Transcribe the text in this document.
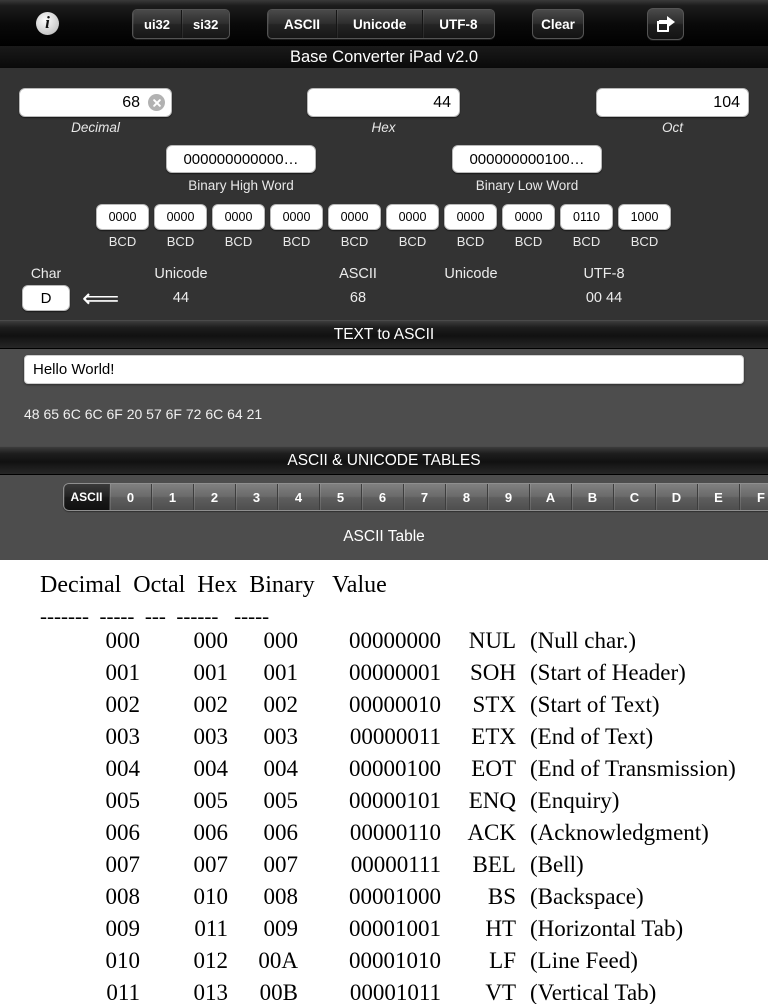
i	ui32	si32	ASCII	Unicode	UTF-8	Clear
Base Converter iPad v2.0
68
Decimal
44
Hex
104
Oct
000000000000…
Binary High Word
000000000100…
Binary Low Word
0000
BCD
0000
BCD
0000
BCD
0000
BCD
0000
BCD
0000
BCD
0000
BCD
0000
BCD
0110
BCD
1000
BCD
Char
D	⟸
Unicode
44
ASCII
68
Unicode	UTF-8
00 44
TEXT to ASCII
Hello World!
48 65 6C 6C 6F 20 57 6F 72 6C 64 21
ASCII & UNICODE TABLES
ASCII	0	1	2	3	4	5	6	7	8	9	A	B	C	D	E	F
ASCII Table
Decimal  Octal  Hex  Binary   Value
-------  -----  ---  ------   -----
000	000	000	00000000	NUL (Null char.)
001	001	001	00000001	SOH (Start of Header)
002	002	002	00000010	STX (Start of Text)
003	003	003	00000011	ETX (End of Text)
004	004	004	00000100	EOT (End of Transmission)
005	005	005	00000101	ENQ (Enquiry)
006	006	006	00000110	ACK (Acknowledgment)
007	007	007	00000111	BEL (Bell)
008	010	008	00001000	BS (Backspace)
009	011	009	00001001	HT (Horizontal Tab)
010	012	00A	00001010	LF (Line Feed)
011	013	00B	00001011	VT (Vertical Tab)
